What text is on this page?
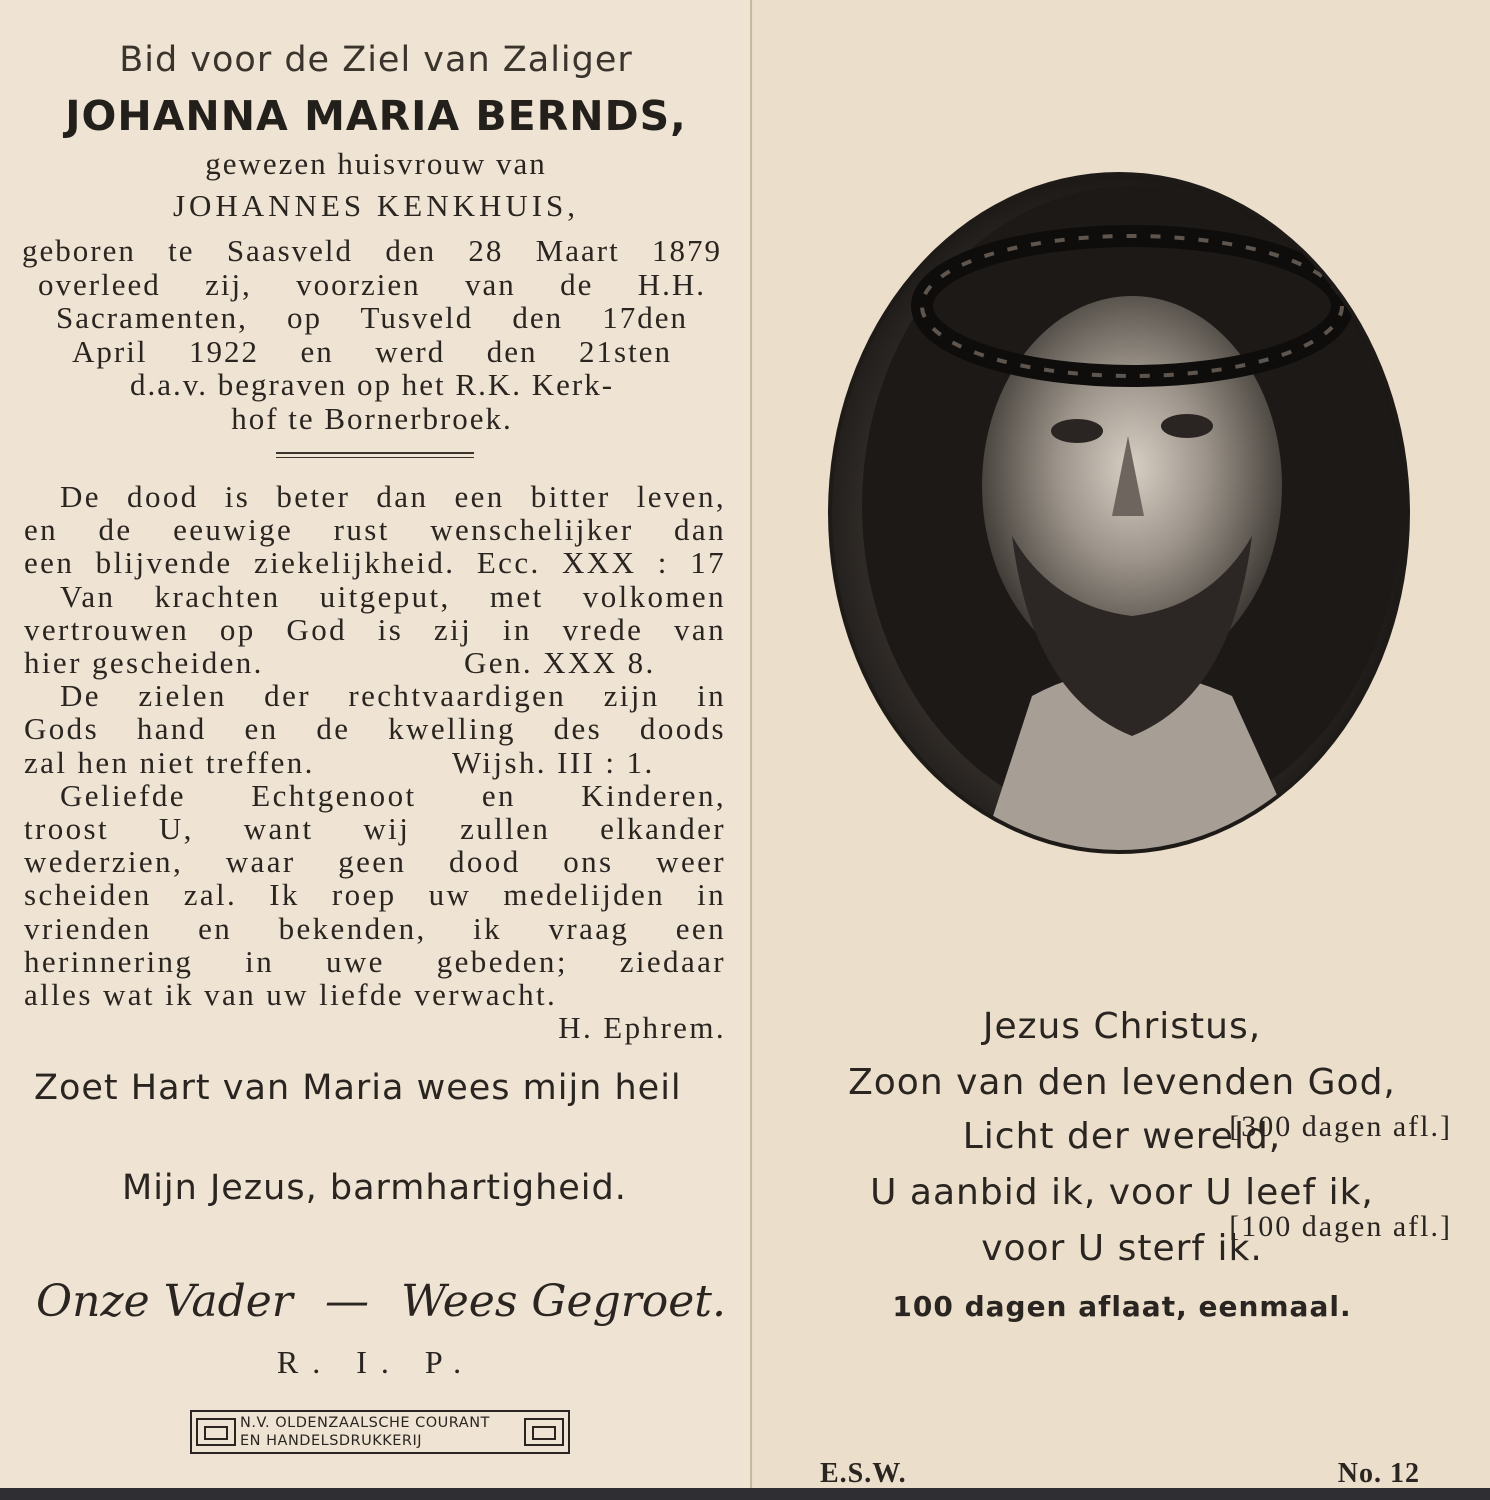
Bid voor de Ziel van Zaliger
JOHANNA MARIA BERNDS,
gewezen huisvrouw van
JOHANNES KENKHUIS,
geboren te Saasveld den 28 Maart 1879
overleed zij, voorzien van de H.H.
Sacramenten, op Tusveld den 17den
April 1922 en werd den 21sten
d.a.v. begraven op het R.K. Kerk-
hof te Bornerbroek.
De dood is beter dan een bitter leven,
en de eeuwige rust wenschelijker dan
een blijvende ziekelijkheid. Ecc. XXX : 17
Van krachten uitgeput, met volkomen
vertrouwen op God is zij in vrede van
hier gescheiden.	Gen. XXX 8.
De zielen der rechtvaardigen zijn in
Gods hand en de kwelling des doods
zal hen niet treffen.	Wijsh. III : 1.
Geliefde Echtgenoot en Kinderen,
troost U, want wij zullen elkander
wederzien, waar geen dood ons weer
scheiden zal. Ik roep uw medelijden in
vrienden en bekenden, ik vraag een
herinnering in uwe gebeden; ziedaar
alles wat ik van uw liefde verwacht.
H. Ephrem.
Zoet Hart van Maria wees mijn heil
[300 dagen afl.]
Mijn Jezus, barmhartigheid.
[100 dagen afl.]
Onze Vader — Wees Gegroet.
R. I. P.
N.V. OLDENZAALSCHE COURANT
EN HANDELSDRUKKERIJ
Jezus Christus,
Zoon van den levenden God,
Licht der wereld,
U aanbid ik, voor U leef ik,
voor U sterf ik.
100 dagen aflaat, eenmaal.
E.S.W.	No. 12
